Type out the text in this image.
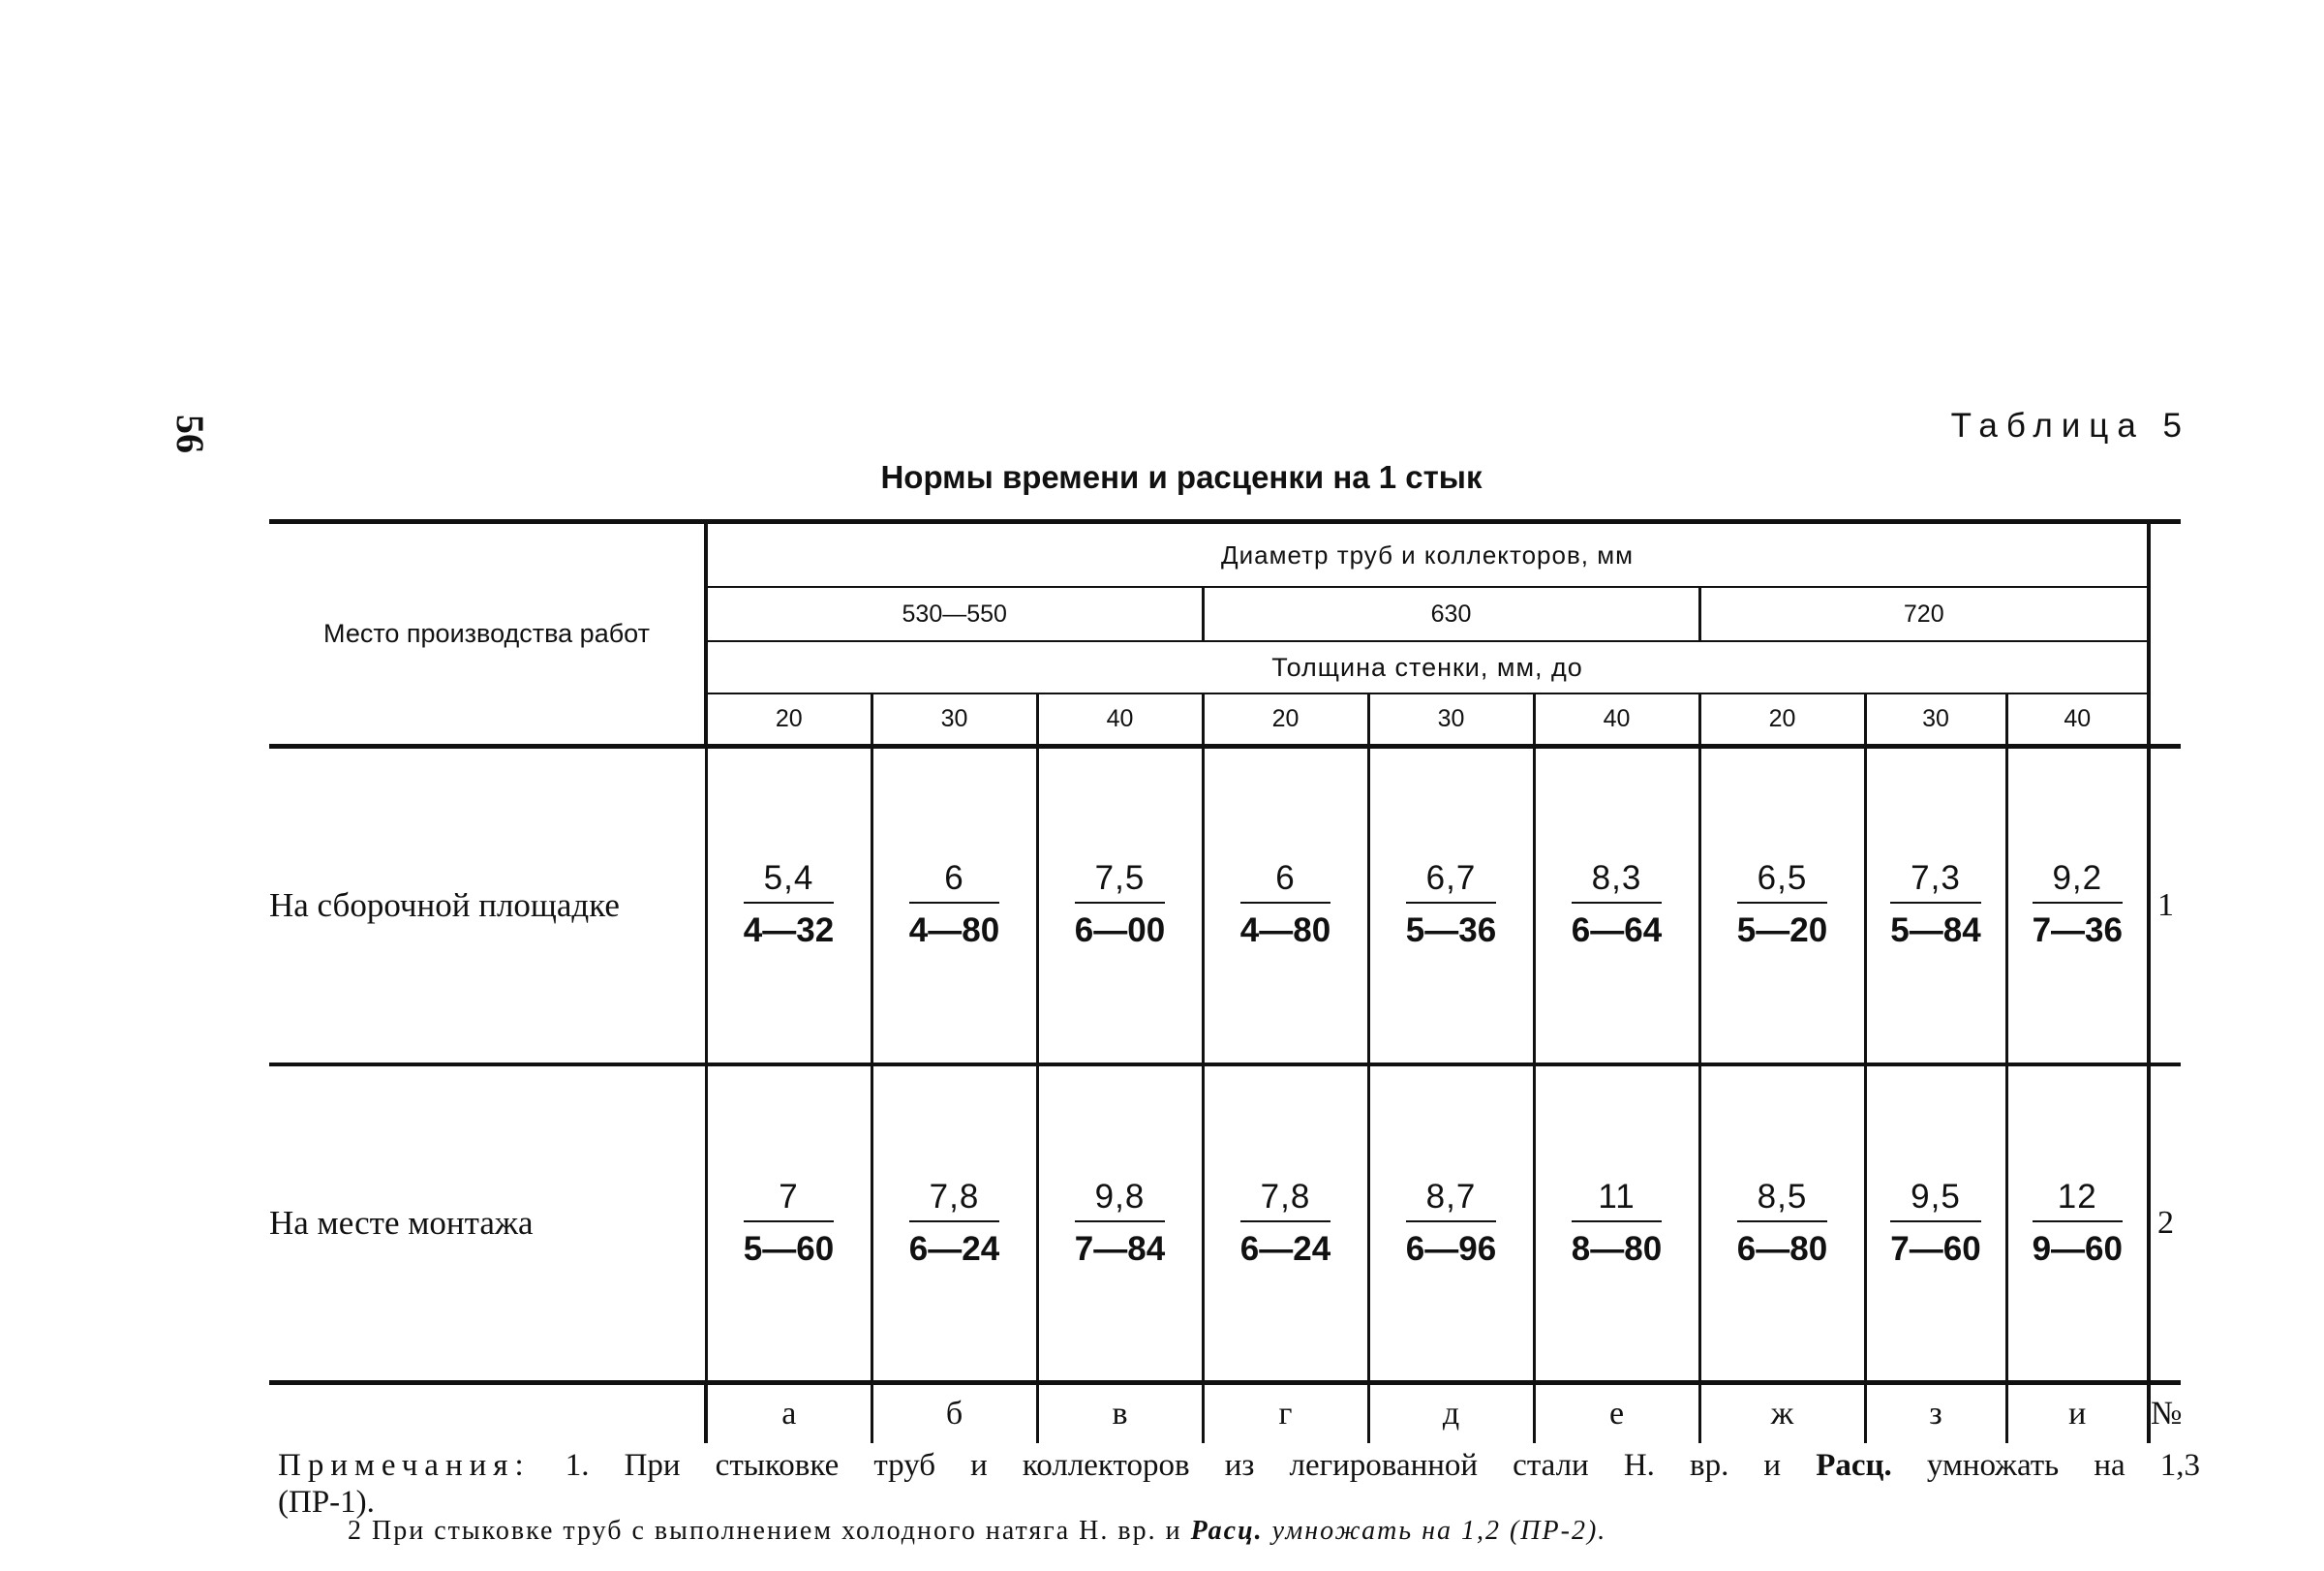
56	Таблица 5
Нормы времени и расценки на 1 стык
Место производства работ	Диаметр труб и коллекторов, мм									
	530—550			630			720			
	Толщина стенки, мм, до									
	20	30	40	20	30	40	20	30	40	

На сборочной площадке	$\frac{5,4}{4—32}$	$\frac{6}{4—80}$	$\frac{7,5}{6—00}$	$\frac{6}{4—80}$	$\frac{6,7}{5—36}$	$\frac{8,3}{6—64}$	$\frac{6,5}{5—20}$	$\frac{7,3}{5—84}$	$\frac{9,2}{7—36}$	1
На месте монтажа	$\frac{7}{5—60}$	$\frac{7,8}{6—24}$	$\frac{9,8}{7—84}$	$\frac{7,8}{6—24}$	$\frac{8,7}{6—96}$	$\frac{11}{8—80}$	$\frac{8,5}{6—80}$	$\frac{9,5}{7—60}$	$\frac{12}{9—60}$	2
	а	б	в	г	д	е	ж	з	и	№
Примечания: 1. При стыковке труб и коллекторов из легированной стали Н. вр. и Расц. умножать на 1,3
(ПР-1).
2 При стыковке труб с выполнением холодного натяга Н. вр. и Расц. умножать на 1,2 (ПР-2).
